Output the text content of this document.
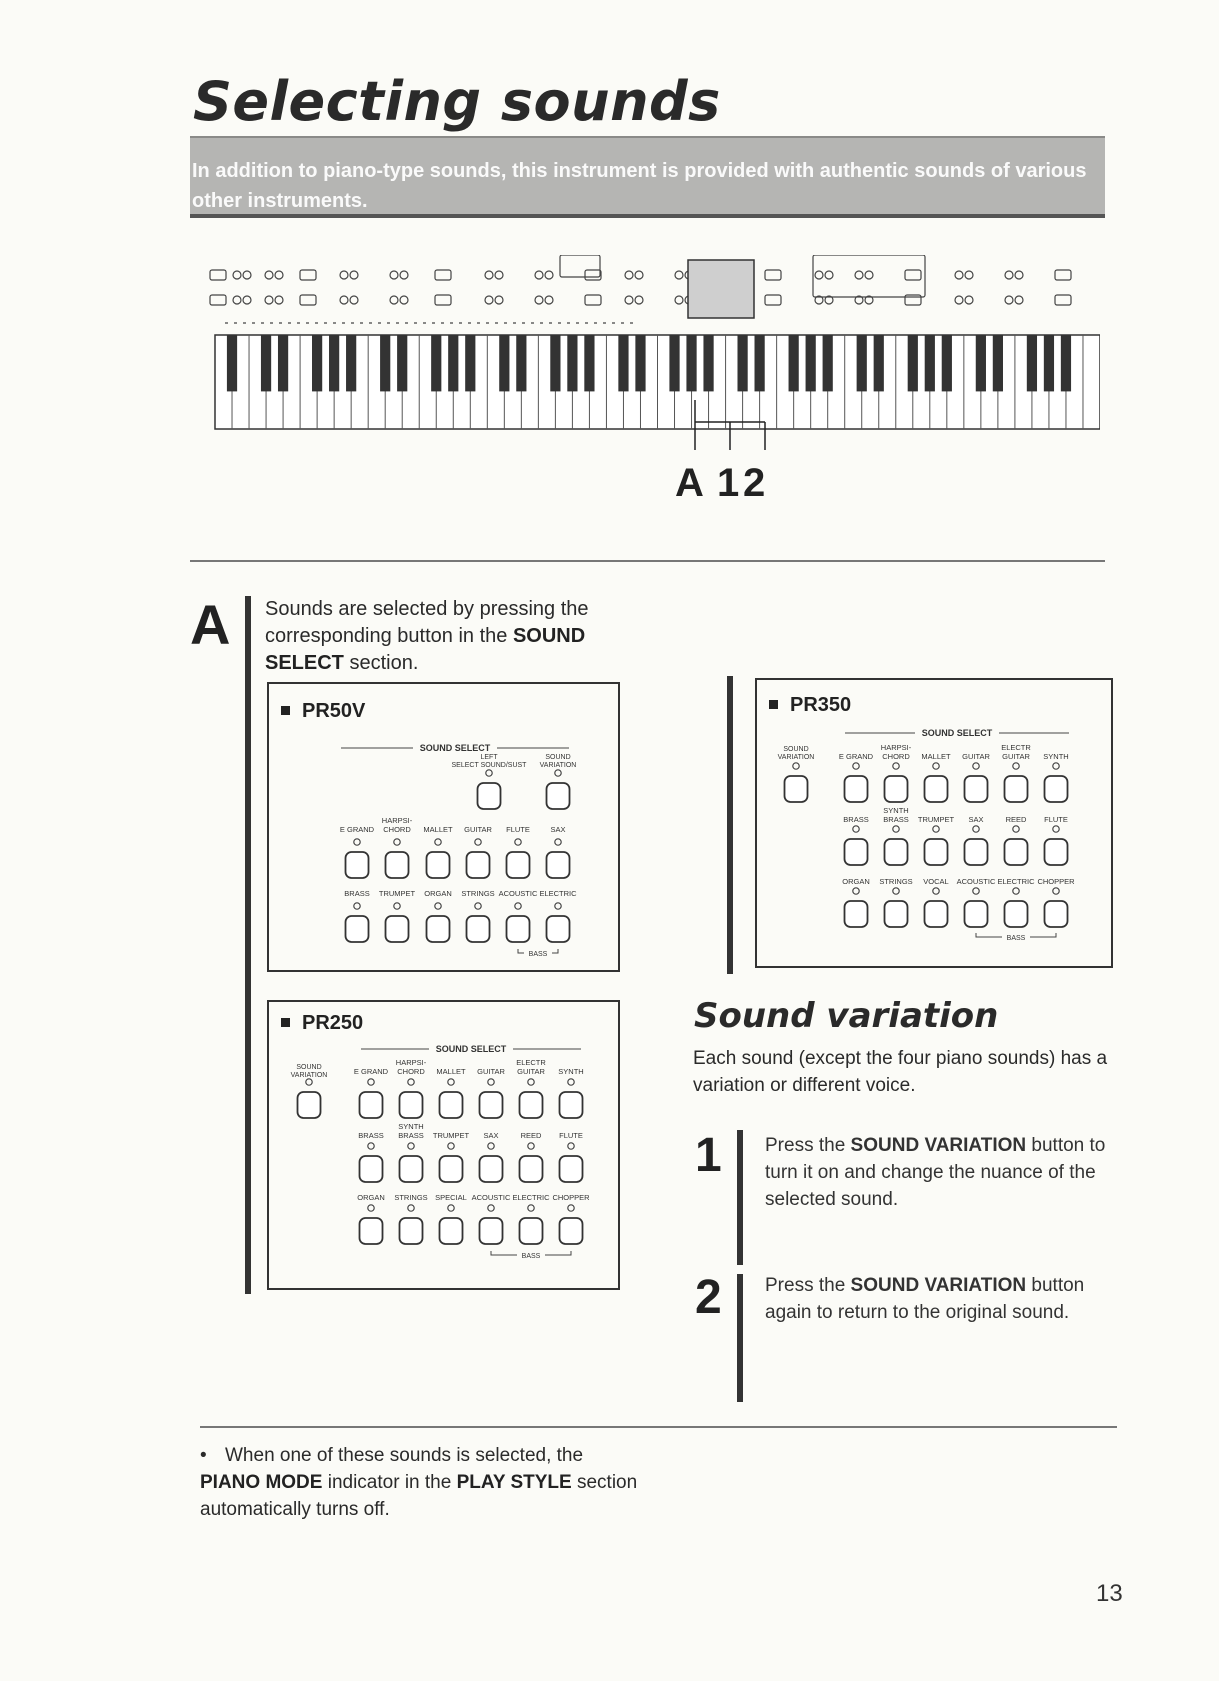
Selecting sounds

In addition to piano-type sounds, this instrument is provided with authentic sounds of various other instruments.

A 1 2
A Sounds are selected by pressing the corresponding button in the SOUND SELECT section.
PR50V
SOUND SELECT
LEFT
SELECT SOUND/SUST
SOUND
VARIATION
E GRAND
HARPSI-
CHORD MALLET GUITAR FLUTE	SAX
BRASS TRUMPET ORGAN STRINGS ACOUSTIC ELECTRIC
BASS
PR250
SOUND SELECT
SOUND
VARIATION	E GRAND
HARPSI-
CHORD MALLET GUITAR
ELECTR
GUITAR SYNTH
BRASS
SYNTH
BRASS TRUMPET SAX	REED FLUTE
ORGAN STRINGS SPECIAL ACOUSTIC ELECTRIC CHOPPER
BASS
PR350
SOUND SELECT
SOUND
VARIATION	E GRAND
HARPSI-
CHORD MALLET GUITAR
ELECTR
GUITAR SYNTH
BRASS
SYNTH
BRASS TRUMPET SAX	REED FLUTE
ORGAN STRINGS VOCAL ACOUSTIC ELECTRIC CHOPPER
BASS
Sound variation
Each sound (except the four piano sounds) has a variation or different voice.
1 Press the SOUND VARIATION button to turn it on and change the nuance of the selected sound.
2 Press the SOUND VARIATION button again to return to the original sound.
• When one of these sounds is selected, the PIANO MODE indicator in the PLAY STYLE section automatically turns off.
13
